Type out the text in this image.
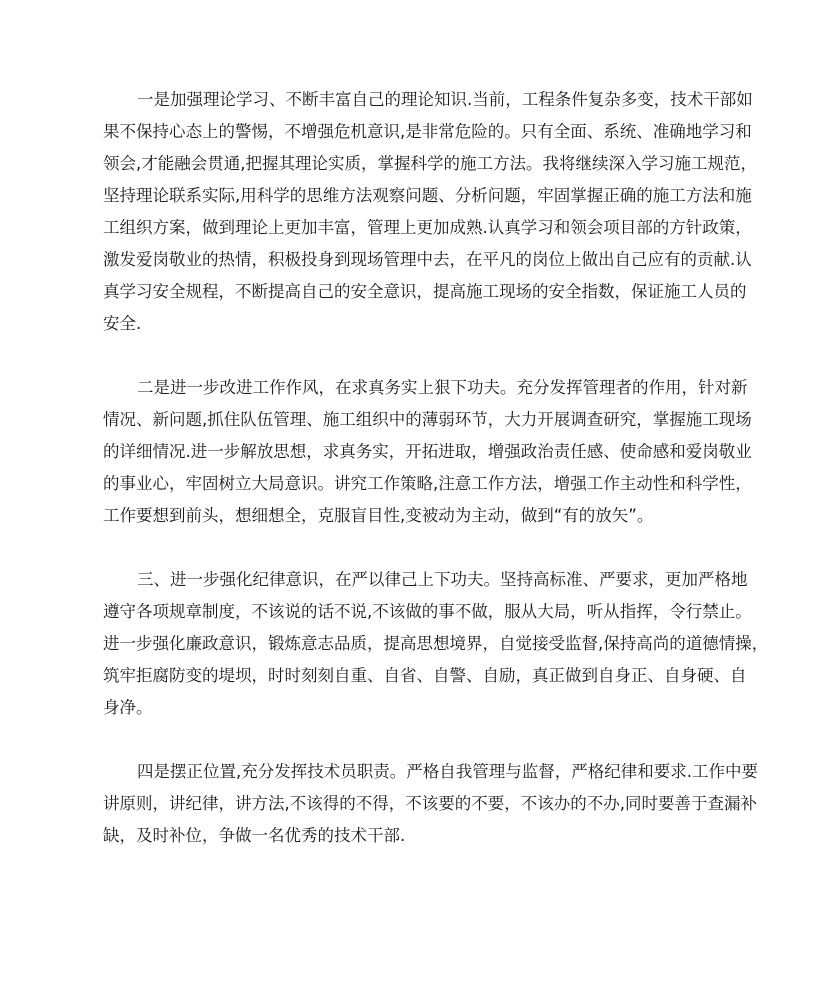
一是加强理论学习、不断丰富自己的理论知识.当前，工程条件复杂多变，技术干部如
果不保持心态上的警惕，不增强危机意识,是非常危险的。只有全面、系统、准确地学习和
领会,才能融会贯通,把握其理论实质，掌握科学的施工方法。我将继续深入学习施工规范，
坚持理论联系实际,用科学的思维方法观察问题、分析问题，牢固掌握正确的施工方法和施
工组织方案，做到理论上更加丰富，管理上更加成熟.认真学习和领会项目部的方针政策，
激发爱岗敬业的热情，积极投身到现场管理中去，在平凡的岗位上做出自己应有的贡献.认
真学习安全规程，不断提高自己的安全意识，提高施工现场的安全指数，保证施工人员的
安全.
二是进一步改进工作作风，在求真务实上狠下功夫。充分发挥管理者的作用，针对新
情况、新问题,抓住队伍管理、施工组织中的薄弱环节，大力开展调查研究，掌握施工现场
的详细情况.进一步解放思想，求真务实，开拓进取，增强政治责任感、使命感和爱岗敬业
的事业心，牢固树立大局意识。讲究工作策略,注意工作方法，增强工作主动性和科学性，
工作要想到前头，想细想全，克服盲目性,变被动为主动，做到“有的放矢”。
三、进一步强化纪律意识，在严以律己上下功夫。坚持高标准、严要求，更加严格地
遵守各项规章制度，不该说的话不说,不该做的事不做，服从大局，听从指挥，令行禁止。
进一步强化廉政意识，锻炼意志品质，提高思想境界，自觉接受监督,保持高尚的道德情操，
筑牢拒腐防变的堤坝，时时刻刻自重、自省、自警、自励，真正做到自身正、自身硬、自
身净。
四是摆正位置,充分发挥技术员职责。严格自我管理与监督，严格纪律和要求.工作中要
讲原则，讲纪律，讲方法,不该得的不得，不该要的不要，不该办的不办,同时要善于查漏补
缺，及时补位，争做一名优秀的技术干部.
